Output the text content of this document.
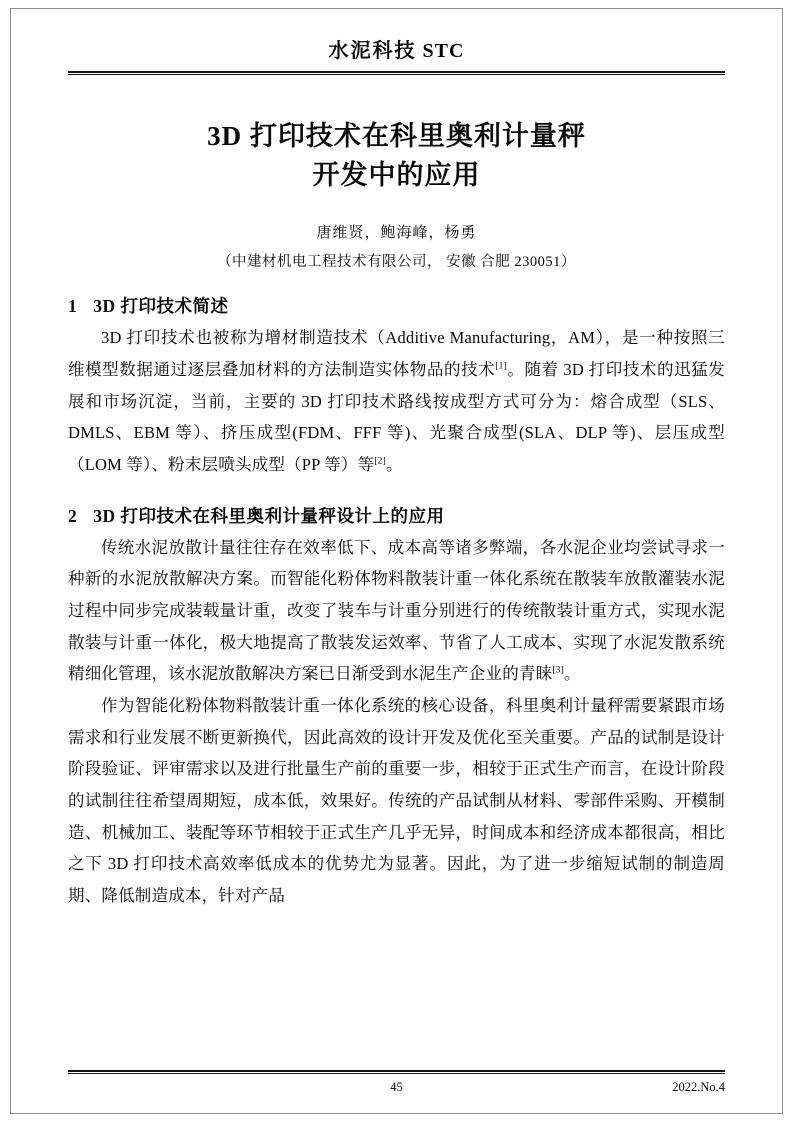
水泥科技 STC
3D 打印技术在科里奥利计量秤
开发中的应用
唐维贤，鲍海峰，杨勇
（中建材机电工程技术有限公司， 安徽 合肥 230051）
1 3D 打印技术简述

3D 打印技术也被称为增材制造技术（Additive Manufacturing，AM），是一种按照三维模型数据通过逐层叠加材料的方法制造实体物品的技术[1]。随着 3D 打印技术的迅猛发展和市场沉淀，当前，主要的 3D 打印技术路线按成型方式可分为：熔合成型（SLS、DMLS、EBM 等）、挤压成型(FDM、FFF 等)、光聚合成型(SLA、DLP 等)、层压成型（LOM 等）、粉末层喷头成型（PP 等）等[2]。

2 3D 打印技术在科里奥利计量秤设计上的应用

传统水泥放散计量往往存在效率低下、成本高等诸多弊端，各水泥企业均尝试寻求一种新的水泥放散解决方案。而智能化粉体物料散装计重一体化系统在散装车放散灌装水泥过程中同步完成装载量计重，改变了装车与计重分别进行的传统散装计重方式，实现水泥散装与计重一体化，极大地提高了散装发运效率、节省了人工成本、实现了水泥发散系统精细化管理，该水泥放散解决方案已日渐受到水泥生产企业的青睐[3]。

作为智能化粉体物料散装计重一体化系统的核心设备，科里奥利计量秤需要紧跟市场需求和行业发展不断更新换代，因此高效的设计开发及优化至关重要。产品的试制是设计阶段验证、评审需求以及进行批量生产前的重要一步，相较于正式生产而言，在设计阶段的试制往往希望周期短，成本低，效果好。传统的产品试制从材料、零部件采购、开模制造、机械加工、装配等环节相较于正式生产几乎无异，时间成本和经济成本都很高，相比之下 3D 打印技术高效率低成本的优势尤为显著。因此，为了进一步缩短试制的制造周期、降低制造成本，针对产品

45	2022.No.4
